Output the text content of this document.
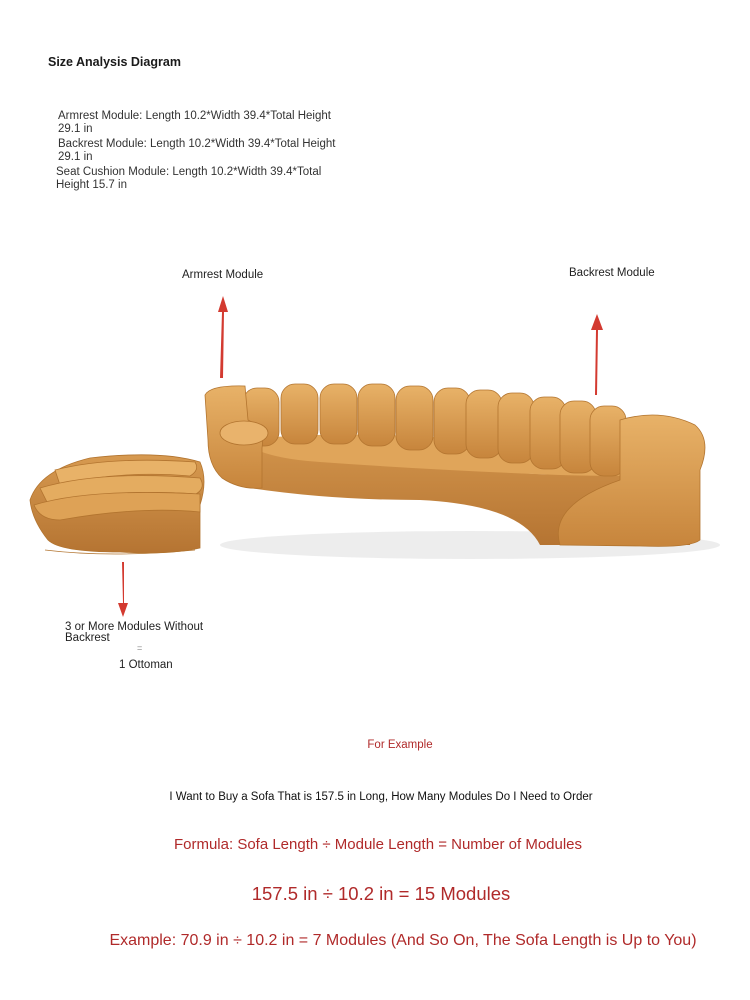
Size Analysis Diagram
Armrest Module: Length 10.2*Width 39.4*Total Height 29.1 in
Backrest Module: Length 10.2*Width 39.4*Total Height 29.1 in
Seat Cushion Module: Length 10.2*Width 39.4*Total Height 15.7 in
Armrest Module	Backrest Module
3 or More Modules Without Backrest
=
1 Ottoman
For Example
I Want to Buy a Sofa That is 157.5 in Long, How Many Modules Do I Need to Order
Formula: Sofa Length ÷ Module Length = Number of Modules
157.5 in ÷ 10.2 in = 15 Modules
Example: 70.9 in ÷ 10.2 in = 7 Modules (And So On, The Sofa Length is Up to You)
